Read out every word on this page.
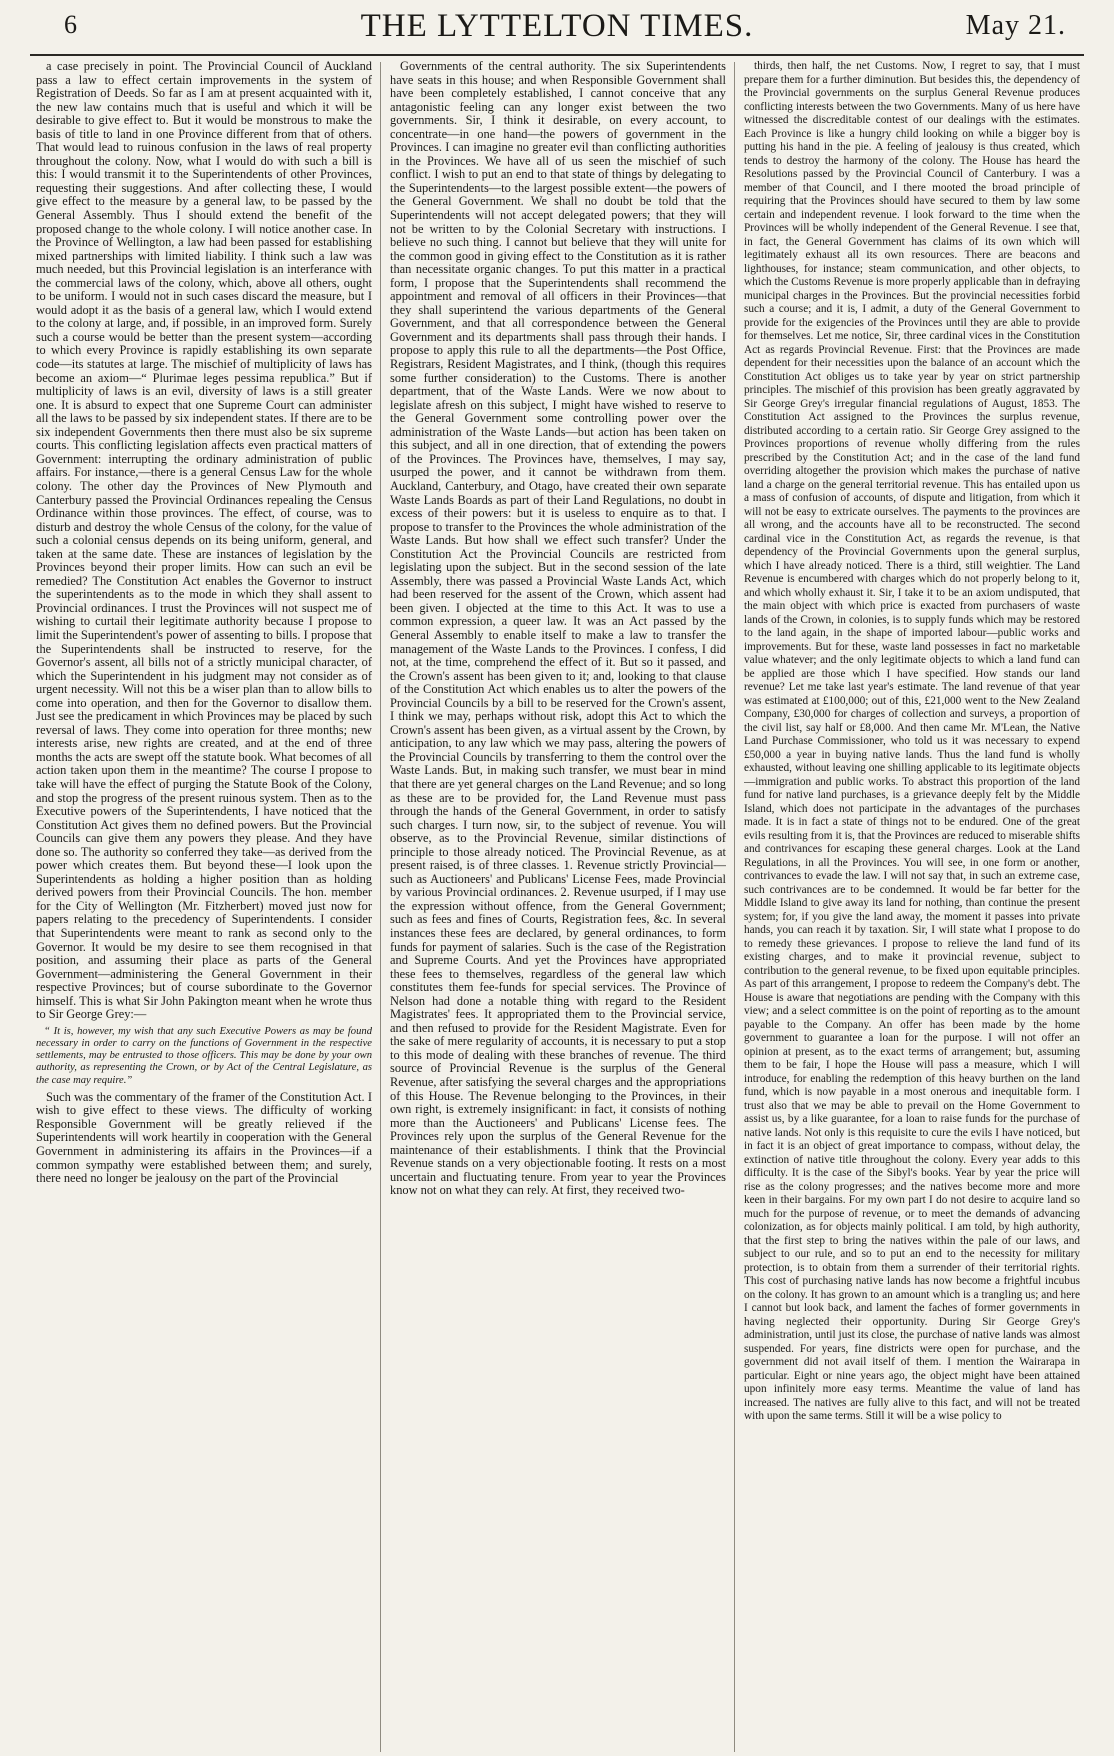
6	THE LYTTELTON TIMES.	May 21.

a case precisely in point. The Provincial Council of Auckland pass a law to effect certain improvements in the system of Registration of Deeds. So far as I am at present acquainted with it, the new law contains much that is useful and which it will be desirable to give effect to. But it would be monstrous to make the basis of title to land in one Province different from that of others. That would lead to ruinous confusion in the laws of real property throughout the colony. Now, what I would do with such a bill is this: I would transmit it to the Superintendents of other Provinces, requesting their suggestions. And after collecting these, I would give effect to the measure by a general law, to be passed by the General Assembly. Thus I should extend the benefit of the proposed change to the whole colony. I will notice another case. In the Province of Wellington, a law had been passed for establishing mixed partnerships with limited liability. I think such a law was much needed, but this Provincial legislation is an interferance with the commercial laws of the colony, which, above all others, ought to be uniform. I would not in such cases discard the measure, but I would adopt it as the basis of a general law, which I would extend to the colony at large, and, if possible, in an improved form. Surely such a course would be better than the present system—according to which every Province is rapidly establishing its own separate code—its statutes at large. The mischief of multiplicity of laws has become an axiom—“ Plurimae leges pessima republica.” But if multiplicity of laws is an evil, diversity of laws is a still greater one. It is absurd to expect that one Supreme Court can administer all the laws to be passed by six independent states. If there are to be six independent Governments then there must also be six supreme courts. This conflicting legislation affects even practical matters of Government: interrupting the ordinary administration of public affairs. For instance,—there is a general Census Law for the whole colony. The other day the Provinces of New Plymouth and Canterbury passed the Provincial Ordinances repealing the Census Ordinance within those provinces. The effect, of course, was to disturb and destroy the whole Census of the colony, for the value of such a colonial census depends on its being uniform, general, and taken at the same date. These are instances of legislation by the Provinces beyond their proper limits. How can such an evil be remedied? The Constitution Act enables the Governor to instruct the superintendents as to the mode in which they shall assent to Provincial ordinances. I trust the Provinces will not suspect me of wishing to curtail their legitimate authority because I propose to limit the Superintendent's power of assenting to bills. I propose that the Superintendents shall be instructed to reserve, for the Governor's assent, all bills not of a strictly municipal character, of which the Superintendent in his judgment may not consider as of urgent necessity. Will not this be a wiser plan than to allow bills to come into operation, and then for the Governor to disallow them. Just see the predicament in which Provinces may be placed by such reversal of laws. They come into operation for three months; new interests arise, new rights are created, and at the end of three months the acts are swept off the statute book. What becomes of all action taken upon them in the meantime? The course I propose to take will have the effect of purging the Statute Book of the Colony, and stop the progress of the present ruinous system. Then as to the Executive powers of the Superintendents, I have noticed that the Constitution Act gives them no defined powers. But the Provincial Councils can give them any powers they please. And they have done so. The authority so conferred they take—as derived from the power which creates them. But beyond these—I look upon the Superintendents as holding a higher position than as holding derived powers from their Provincial Councils. The hon. member for the City of Wellington (Mr. Fitzherbert) moved just now for papers relating to the precedency of Superintendents. I consider that Superintendents were meant to rank as second only to the Governor. It would be my desire to see them recognised in that position, and assuming their place as parts of the General Government—administering the General Government in their respective Provinces; but of course subordinate to the Governor himself. This is what Sir John Pakington meant when he wrote thus to Sir George Grey:—

“ It is, however, my wish that any such Executive Powers as may be found necessary in order to carry on the functions of Government in the respective settlements, may be entrusted to those officers. This may be done by your own authority, as representing the Crown, or by Act of the Central Legislature, as the case may require.”

Such was the commentary of the framer of the Constitution Act. I wish to give effect to these views. The difficulty of working Responsible Government will be greatly relieved if the Superintendents will work heartily in cooperation with the General Government in administering its affairs in the Provinces—if a common sympathy were established between them; and surely, there need no longer be jealousy on the part of the Provincial

Governments of the central authority. The six Superintendents have seats in this house; and when Responsible Government shall have been completely established, I cannot conceive that any antagonistic feeling can any longer exist between the two governments. Sir, I think it desirable, on every account, to concentrate—in one hand—the powers of government in the Provinces. I can imagine no greater evil than conflicting authorities in the Provinces. We have all of us seen the mischief of such conflict. I wish to put an end to that state of things by delegating to the Superintendents—to the largest possible extent—the powers of the General Government. We shall no doubt be told that the Superintendents will not accept delegated powers; that they will not be written to by the Colonial Secretary with instructions. I believe no such thing. I cannot but believe that they will unite for the common good in giving effect to the Constitution as it is rather than necessitate organic changes. To put this matter in a practical form, I propose that the Superintendents shall recommend the appointment and removal of all officers in their Provinces—that they shall superintend the various departments of the General Government, and that all correspondence between the General Government and its departments shall pass through their hands. I propose to apply this rule to all the departments—the Post Office, Registrars, Resident Magistrates, and I think, (though this requires some further consideration) to the Customs. There is another department, that of the Waste Lands. Were we now about to legislate afresh on this subject, I might have wished to reserve to the General Government some controlling power over the administration of the Waste Lands—but action has been taken on this subject, and all in one direction, that of extending the powers of the Provinces. The Provinces have, themselves, I may say, usurped the power, and it cannot be withdrawn from them. Auckland, Canterbury, and Otago, have created their own separate Waste Lands Boards as part of their Land Regulations, no doubt in excess of their powers: but it is useless to enquire as to that. I propose to transfer to the Provinces the whole administration of the Waste Lands. But how shall we effect such transfer? Under the Constitution Act the Provincial Councils are restricted from legislating upon the subject. But in the second session of the late Assembly, there was passed a Provincial Waste Lands Act, which had been reserved for the assent of the Crown, which assent had been given. I objected at the time to this Act. It was to use a common expression, a queer law. It was an Act passed by the General Assembly to enable itself to make a law to transfer the management of the Waste Lands to the Provinces. I confess, I did not, at the time, comprehend the effect of it. But so it passed, and the Crown's assent has been given to it; and, looking to that clause of the Constitution Act which enables us to alter the powers of the Provincial Councils by a bill to be reserved for the Crown's assent, I think we may, perhaps without risk, adopt this Act to which the Crown's assent has been given, as a virtual assent by the Crown, by anticipation, to any law which we may pass, altering the powers of the Provincial Councils by transferring to them the control over the Waste Lands. But, in making such transfer, we must bear in mind that there are yet general charges on the Land Revenue; and so long as these are to be provided for, the Land Revenue must pass through the hands of the General Government, in order to satisfy such charges. I turn now, sir, to the subject of revenue. You will observe, as to the Provincial Revenue, similar distinctions of principle to those already noticed. The Provincial Revenue, as at present raised, is of three classes. 1. Revenue strictly Provincial—such as Auctioneers' and Publicans' License Fees, made Provincial by various Provincial ordinances. 2. Revenue usurped, if I may use the expression without offence, from the General Government; such as fees and fines of Courts, Registration fees, &c. In several instances these fees are declared, by general ordinances, to form funds for payment of salaries. Such is the case of the Registration and Supreme Courts. And yet the Provinces have appropriated these fees to themselves, regardless of the general law which constitutes them fee-funds for special services. The Province of Nelson had done a notable thing with regard to the Resident Magistrates' fees. It appropriated them to the Provincial service, and then refused to provide for the Resident Magistrate. Even for the sake of mere regularity of accounts, it is necessary to put a stop to this mode of dealing with these branches of revenue. The third source of Provincial Revenue is the surplus of the General Revenue, after satisfying the several charges and the appropriations of this House. The Revenue belonging to the Provinces, in their own right, is extremely insignificant: in fact, it consists of nothing more than the Auctioneers' and Publicans' License fees. The Provinces rely upon the surplus of the General Revenue for the maintenance of their establishments. I think that the Provincial Revenue stands on a very objectionable footing. It rests on a most uncertain and fluctuating tenure. From year to year the Provinces know not on what they can rely. At first, they received two-

thirds, then half, the net Customs. Now, I regret to say, that I must prepare them for a further diminution. But besides this, the dependency of the Provincial governments on the surplus General Revenue produces conflicting interests between the two Governments. Many of us here have witnessed the discreditable contest of our dealings with the estimates. Each Province is like a hungry child looking on while a bigger boy is putting his hand in the pie. A feeling of jealousy is thus created, which tends to destroy the harmony of the colony. The House has heard the Resolutions passed by the Provincial Council of Canterbury. I was a member of that Council, and I there mooted the broad principle of requiring that the Provinces should have secured to them by law some certain and independent revenue. I look forward to the time when the Provinces will be wholly independent of the General Revenue. I see that, in fact, the General Government has claims of its own which will legitimately exhaust all its own resources. There are beacons and lighthouses, for instance; steam communication, and other objects, to which the Customs Revenue is more properly applicable than in defraying municipal charges in the Provinces. But the provincial necessities forbid such a course; and it is, I admit, a duty of the General Government to provide for the exigencies of the Provinces until they are able to provide for themselves. Let me notice, Sir, three cardinal vices in the Constitution Act as regards Provincial Revenue. First: that the Provinces are made dependent for their necessities upon the balance of an account which the Constitution Act obliges us to take year by year on strict partnership principles. The mischief of this provision has been greatly aggravated by Sir George Grey's irregular financial regulations of August, 1853. The Constitution Act assigned to the Provinces the surplus revenue, distributed according to a certain ratio. Sir George Grey assigned to the Provinces proportions of revenue wholly differing from the rules prescribed by the Constitution Act; and in the case of the land fund overriding altogether the provision which makes the purchase of native land a charge on the general territorial revenue. This has entailed upon us a mass of confusion of accounts, of dispute and litigation, from which it will not be easy to extricate ourselves. The payments to the provinces are all wrong, and the accounts have all to be reconstructed. The second cardinal vice in the Constitution Act, as regards the revenue, is that dependency of the Provincial Governments upon the general surplus, which I have already noticed. There is a third, still weightier. The Land Revenue is encumbered with charges which do not properly belong to it, and which wholly exhaust it. Sir, I take it to be an axiom undisputed, that the main object with which price is exacted from purchasers of waste lands of the Crown, in colonies, is to supply funds which may be restored to the land again, in the shape of imported labour—public works and improvements. But for these, waste land possesses in fact no marketable value whatever; and the only legitimate objects to which a land fund can be applied are those which I have specified. How stands our land revenue? Let me take last year's estimate. The land revenue of that year was estimated at £100,000; out of this, £21,000 went to the New Zealand Company, £30,000 for charges of collection and surveys, a proportion of the civil list, say half or £8,000. And then came Mr. M'Lean, the Native Land Purchase Commissioner, who told us it was necessary to expend £50,000 a year in buying native lands. Thus the land fund is wholly exhausted, without leaving one shilling applicable to its legitimate objects—immigration and public works. To abstract this proportion of the land fund for native land purchases, is a grievance deeply felt by the Middle Island, which does not participate in the advantages of the purchases made. It is in fact a state of things not to be endured. One of the great evils resulting from it is, that the Provinces are reduced to miserable shifts and contrivances for escaping these general charges. Look at the Land Regulations, in all the Provinces. You will see, in one form or another, contrivances to evade the law. I will not say that, in such an extreme case, such contrivances are to be condemned. It would be far better for the Middle Island to give away its land for nothing, than continue the present system; for, if you give the land away, the moment it passes into private hands, you can reach it by taxation. Sir, I will state what I propose to do to remedy these grievances. I propose to relieve the land fund of its existing charges, and to make it provincial revenue, subject to contribution to the general revenue, to be fixed upon equitable principles. As part of this arrangement, I propose to redeem the Company's debt. The House is aware that negotiations are pending with the Company with this view; and a select committee is on the point of reporting as to the amount payable to the Company. An offer has been made by the home government to guarantee a loan for the purpose. I will not offer an opinion at present, as to the exact terms of arrangement; but, assuming them to be fair, I hope the House will pass a measure, which I will introduce, for enabling the redemption of this heavy burthen on the land fund, which is now payable in a most onerous and inequitable form. I trust also that we may be able to prevail on the Home Government to assist us, by a like guarantee, for a loan to raise funds for the purchase of native lands. Not only is this requisite to cure the evils I have noticed, but in fact it is an object of great importance to compass, without delay, the extinction of native title throughout the colony. Every year adds to this difficulty. It is the case of the Sibyl's books. Year by year the price will rise as the colony progresses; and the natives become more and more keen in their bargains. For my own part I do not desire to acquire land so much for the purpose of revenue, or to meet the demands of advancing colonization, as for objects mainly political. I am told, by high authority, that the first step to bring the natives within the pale of our laws, and subject to our rule, and so to put an end to the necessity for military protection, is to obtain from them a surrender of their territorial rights. This cost of purchasing native lands has now become a frightful incubus on the colony. It has grown to an amount which is a trangling us; and here I cannot but look back, and lament the faches of former governments in having neglected their opportunity. During Sir George Grey's administration, until just its close, the purchase of native lands was almost suspended. For years, fine districts were open for purchase, and the government did not avail itself of them. I mention the Wairarapa in particular. Eight or nine years ago, the object might have been attained upon infinitely more easy terms. Meantime the value of land has increased. The natives are fully alive to this fact, and will not be treated with upon the same terms. Still it will be a wise policy to
